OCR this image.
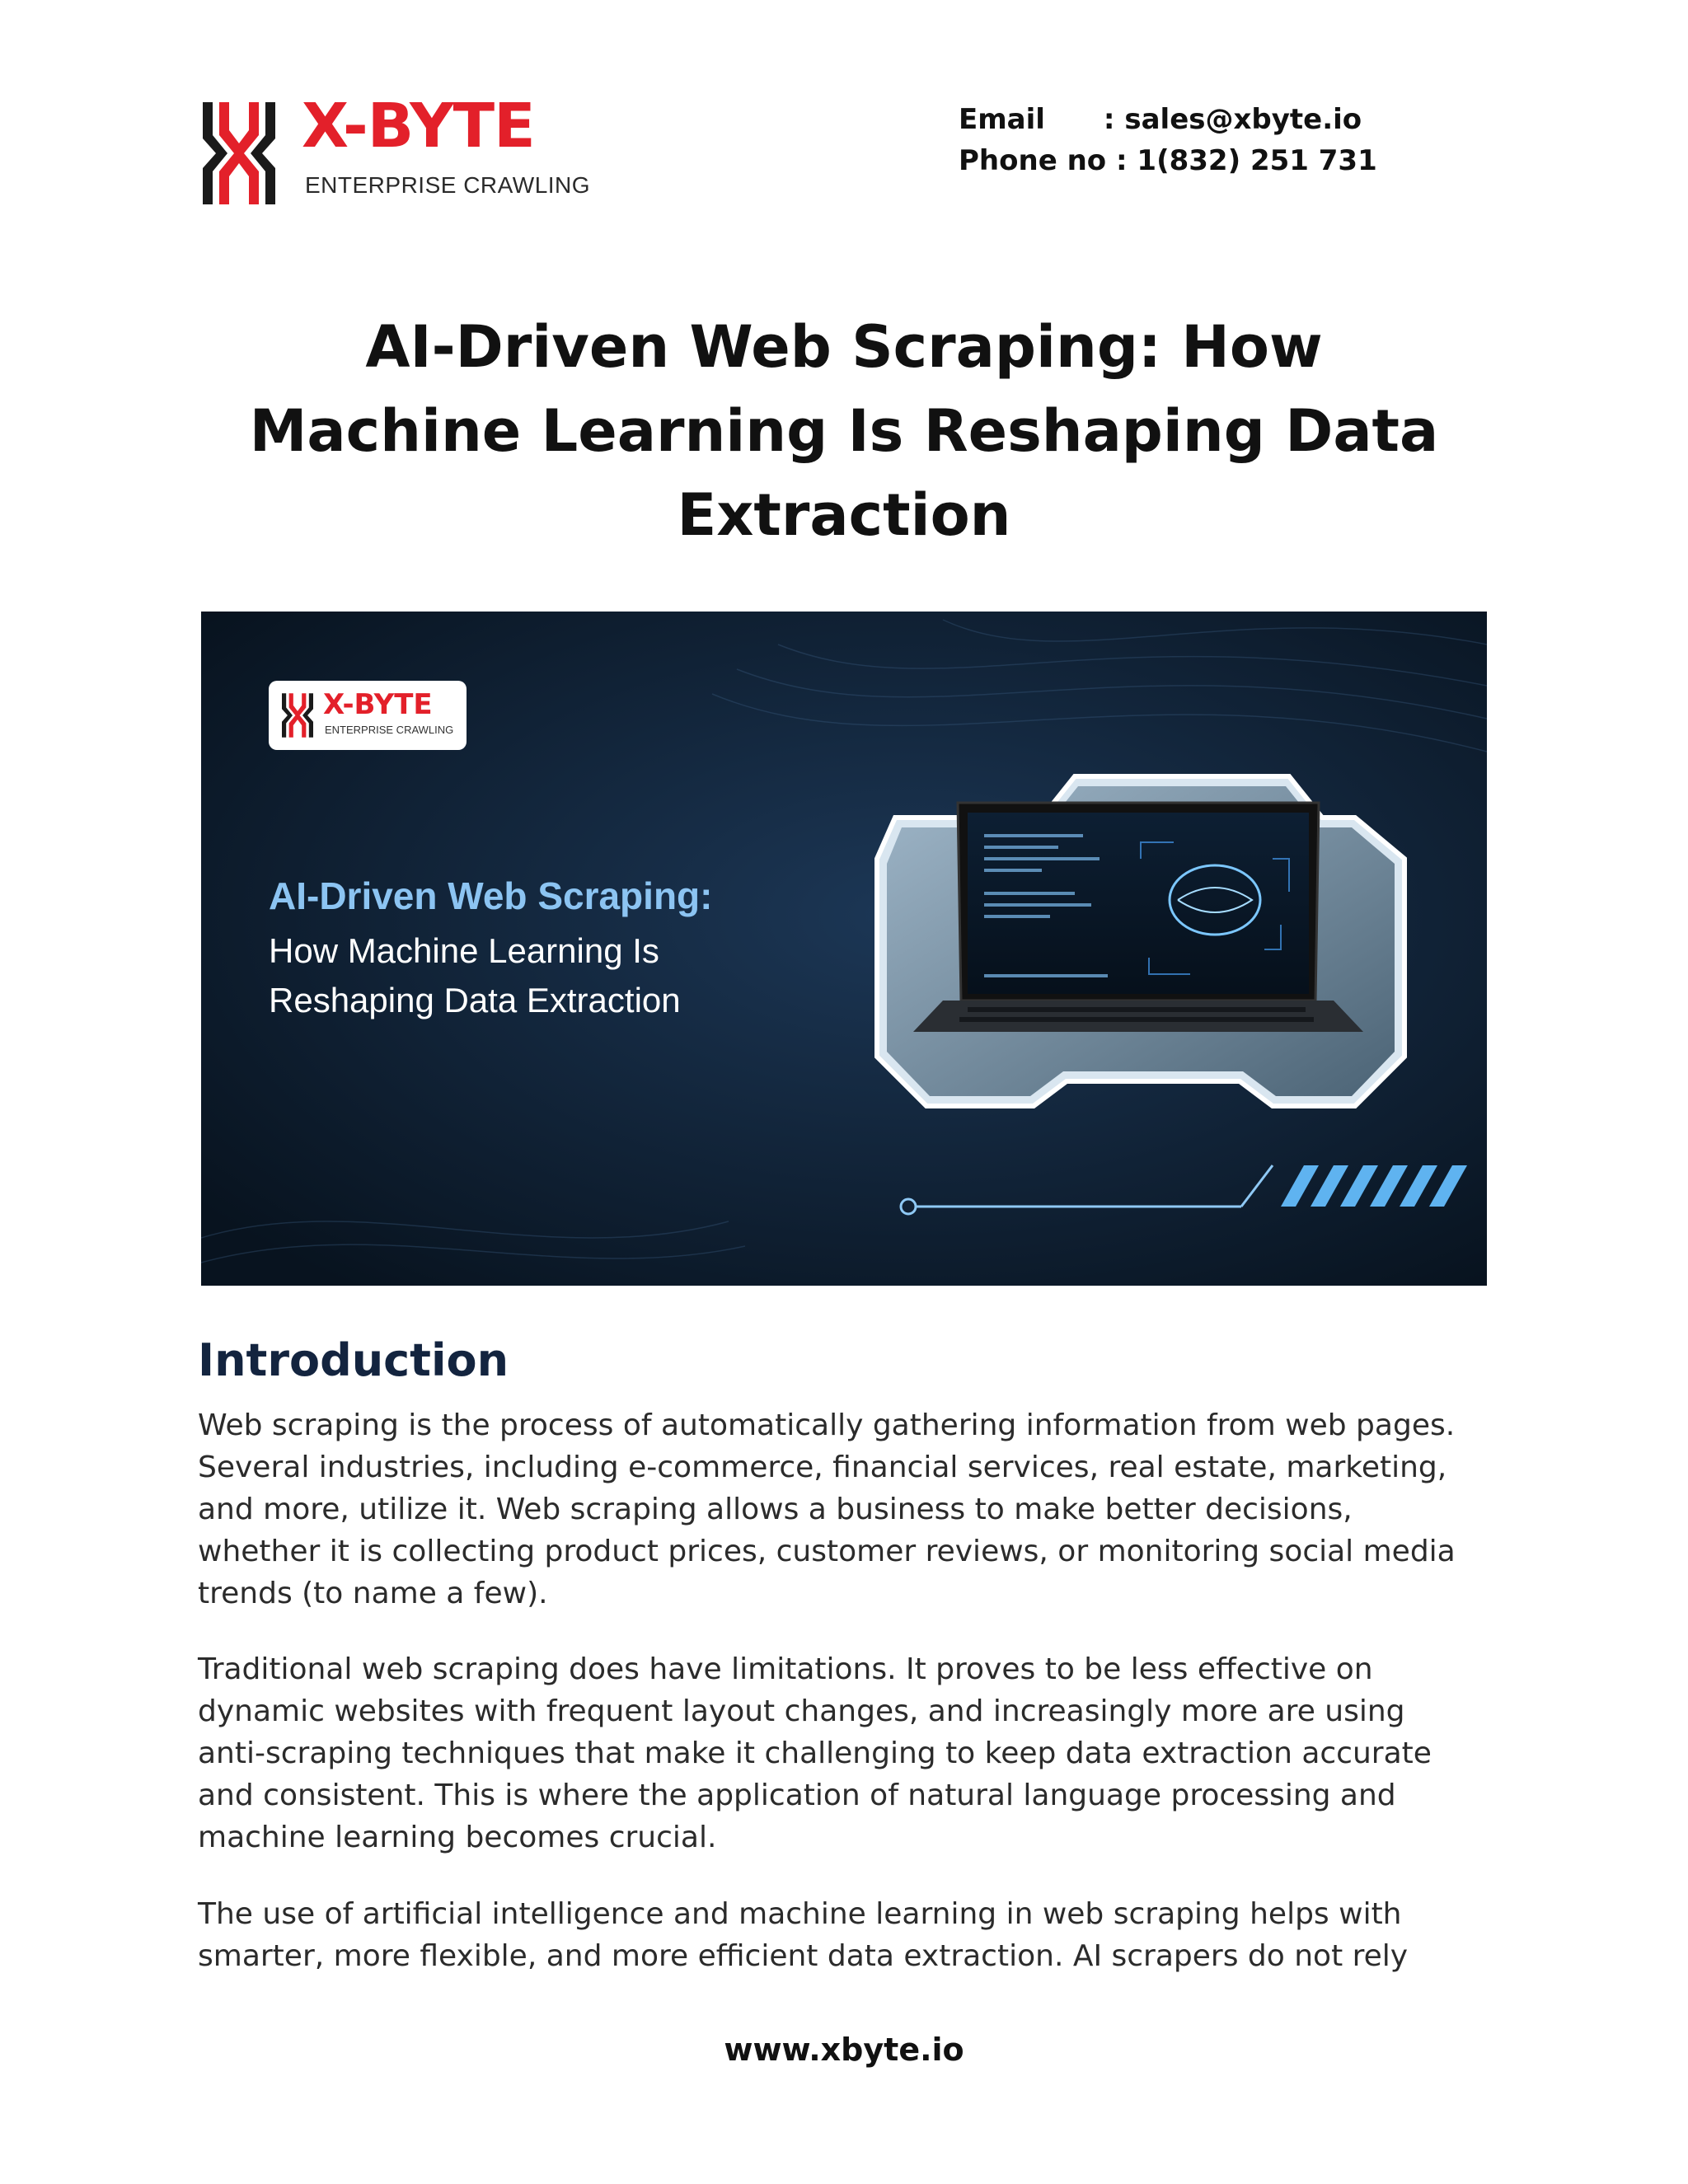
X-BYTE
ENTERPRISE CRAWLING
Email      : sales@xbyte.io
Phone no : 1(832) 251 731
AI-Driven Web Scraping: How
Machine Learning Is Reshaping Data
Extraction
X-BYTE
ENTERPRISE CRAWLING
AI-Driven Web Scraping:
How Machine Learning Is
Reshaping Data Extraction
Introduction

Web scraping is the process of automatically gathering information from web pages.
Several industries, including e-commerce, financial services, real estate, marketing,
and more, utilize it. Web scraping allows a business to make better decisions,
whether it is collecting product prices, customer reviews, or monitoring social media
trends (to name a few).

Traditional web scraping does have limitations. It proves to be less effective on
dynamic websites with frequent layout changes, and increasingly more are using
anti-scraping techniques that make it challenging to keep data extraction accurate
and consistent. This is where the application of natural language processing and
machine learning becomes crucial.

The use of artificial intelligence and machine learning in web scraping helps with
smarter, more flexible, and more efficient data extraction. AI scrapers do not rely

www.xbyte.io
